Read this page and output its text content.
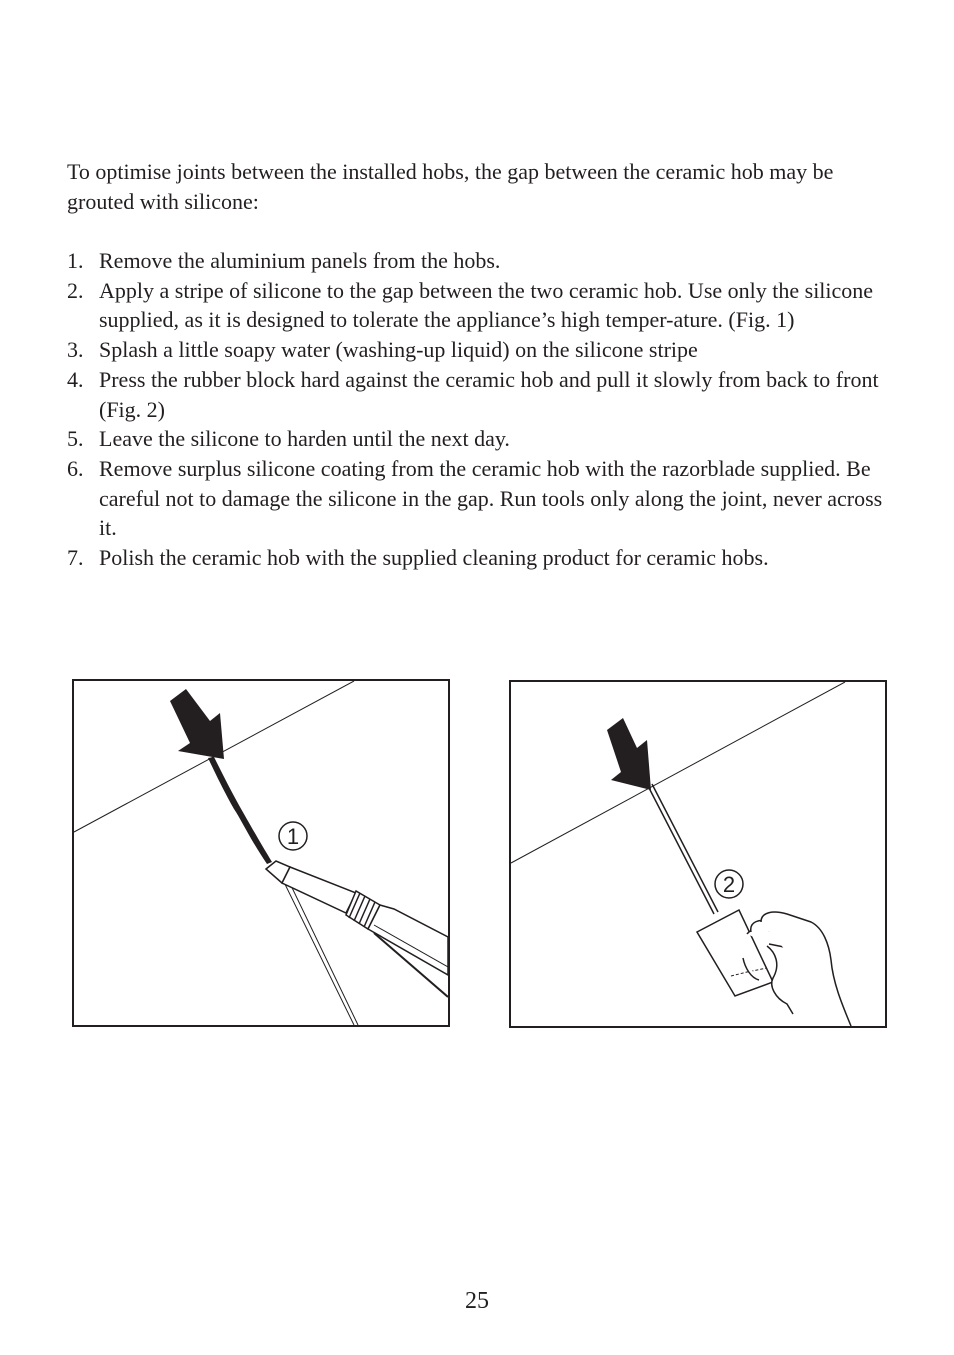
To optimise joints between the installed hobs, the gap between the ceramic hob may be grouted with silicone:

1. Remove the aluminium panels from the hobs.
2. Apply a stripe of silicone to the gap between the two ceramic hob. Use only the silicone supplied, as it is designed to tolerate the appliance’s high temper-ature. (Fig. 1)
3. Splash a little soapy water (washing-up liquid) on the silicone stripe
4. Press the rubber block hard against the ceramic hob and pull it slowly from back to front (Fig. 2)
5. Leave the silicone to harden until the next day.
6. Remove surplus silicone coating from the ceramic hob with the razorblade supplied. Be careful not to damage the silicone in the gap. Run tools only along the joint, never across it.
7. Polish the ceramic hob with the supplied cleaning product for ceramic hobs.
1
2
25
